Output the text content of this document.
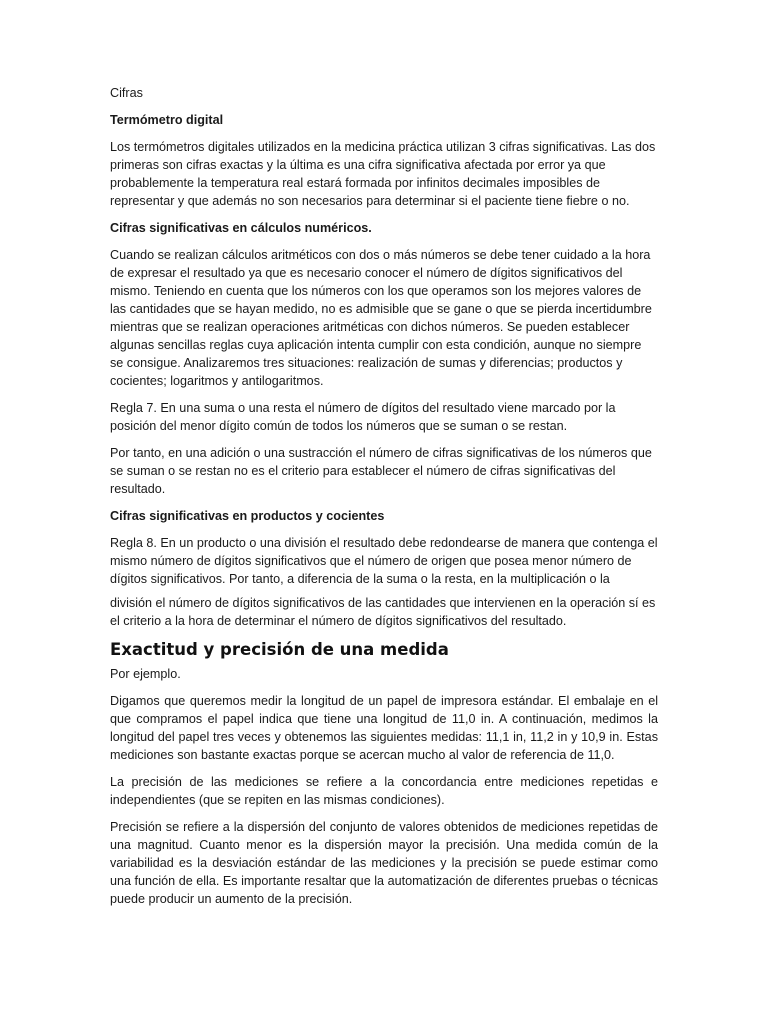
Cifras

Termómetro digital

Los termómetros digitales utilizados en la medicina práctica utilizan 3 cifras significativas. Las dos primeras son cifras exactas y la última es una cifra significativa afectada por error ya que probablemente la temperatura real estará formada por infinitos decimales imposibles de representar y que además no son necesarios para determinar si el paciente tiene fiebre o no.

Cifras significativas en cálculos numéricos.

Cuando se realizan cálculos aritméticos con dos o más números se debe tener cuidado a la hora de expresar el resultado ya que es necesario conocer el número de dígitos significativos del mismo. Teniendo en cuenta que los números con los que operamos son los mejores valores de las cantidades que se hayan medido, no es admisible que se gane o que se pierda incertidumbre mientras que se realizan operaciones aritméticas con dichos números. Se pueden establecer algunas sencillas reglas cuya aplicación intenta cumplir con esta condición, aunque no siempre se consigue. Analizaremos tres situaciones: realización de sumas y diferencias; productos y cocientes; logaritmos y antilogaritmos.

Regla 7. En una suma o una resta el número de dígitos del resultado viene marcado por la posición del menor dígito común de todos los números que se suman o se restan.

Por tanto, en una adición o una sustracción el número de cifras significativas de los números que se suman o se restan no es el criterio para establecer el número de cifras significativas del resultado.

Cifras significativas en productos y cocientes

Regla 8. En un producto o una división el resultado debe redondearse de manera que contenga el mismo número de dígitos significativos que el número de origen que posea menor número de dígitos significativos. Por tanto, a diferencia de la suma o la resta, en la multiplicación o la

división el número de dígitos significativos de las cantidades que intervienen en la operación sí es el criterio a la hora de determinar el número de dígitos significativos del resultado.

Exactitud y precisión de una medida

Por ejemplo.

Digamos que queremos medir la longitud de un papel de impresora estándar. El embalaje en el que compramos el papel indica que tiene una longitud de 11,0 in. A continuación, medimos la longitud del papel tres veces y obtenemos las siguientes medidas: 11,1 in, 11,2 in y 10,9 in. Estas mediciones son bastante exactas porque se acercan mucho al valor de referencia de 11,0.

La precisión de las mediciones se refiere a la concordancia entre mediciones repetidas e independientes (que se repiten en las mismas condiciones).

Precisión se refiere a la dispersión del conjunto de valores obtenidos de mediciones repetidas de una magnitud. Cuanto menor es la dispersión mayor la precisión. Una medida común de la variabilidad es la desviación estándar de las mediciones y la precisión se puede estimar como una función de ella. Es importante resaltar que la automatización de diferentes pruebas o técnicas puede producir un aumento de la precisión.
